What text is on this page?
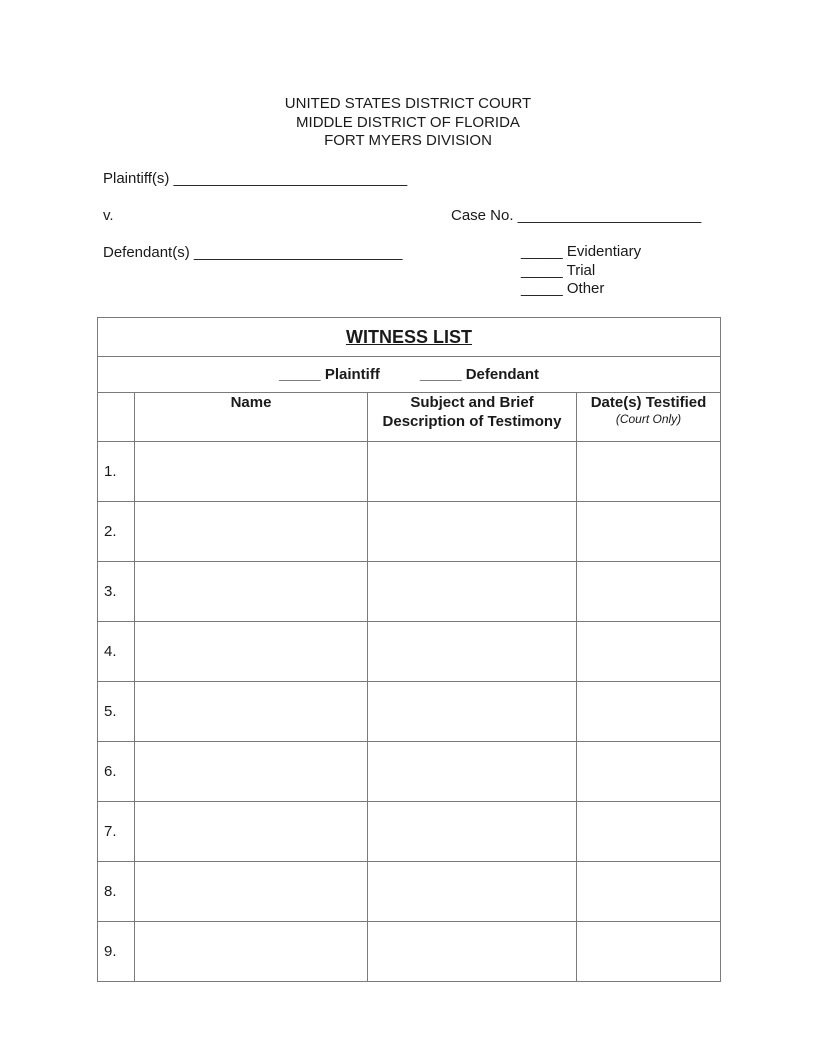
UNITED STATES DISTRICT COURT
MIDDLE DISTRICT OF FLORIDA
FORT MYERS DIVISION
Plaintiff(s) ____________________________
v.	Case No. ______________________
Defendant(s) _________________________	_____ Evidentiary
_____ Trial
_____ Other
WITNESS LIST			
_____ Plaintiff _____ Defendant			
	Name	Subject and Brief
Description of Testimony	Date(s) Testified
(Court Only)

1.			
2.			
3.			
4.			
5.			
6.			
7.			
8.			
9.			
